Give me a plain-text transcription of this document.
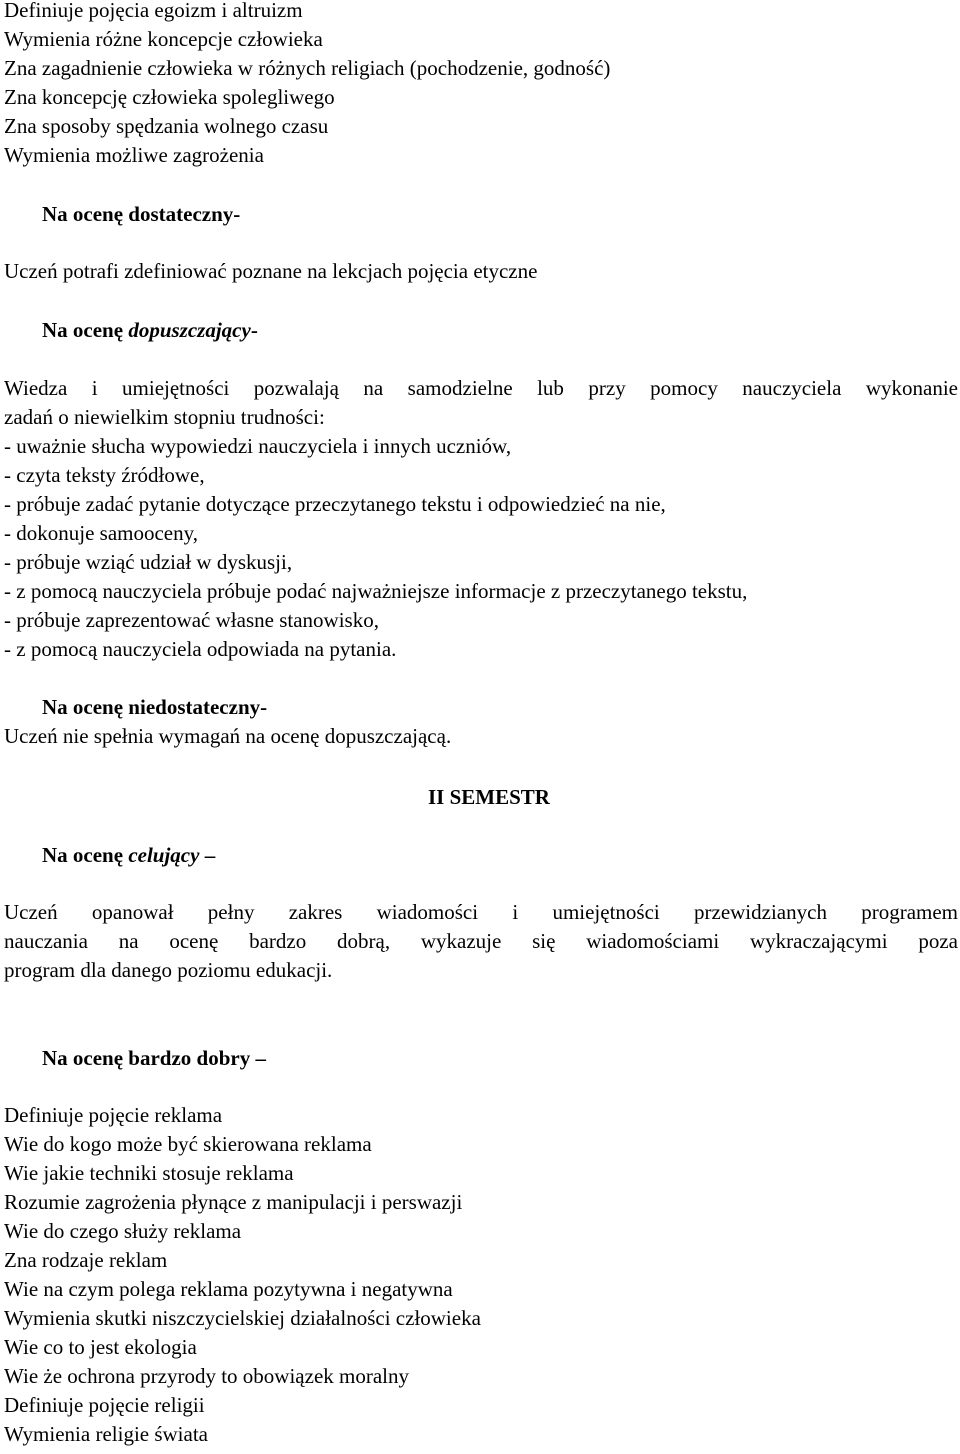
Definiuje pojęcia egoizm i altruizm
Wymienia różne koncepcje człowieka
Zna zagadnienie człowieka w różnych religiach (pochodzenie, godność)
Zna koncepcję człowieka spolegliwego
Zna sposoby spędzania wolnego czasu
Wymienia możliwe zagrożenia
Na ocenę dostateczny-
Uczeń potrafi zdefiniować poznane na lekcjach pojęcia etyczne
Na ocenę dopuszczający-
Wiedza i umiejętności pozwalają na samodzielne lub przy pomocy nauczyciela wykonanie
zadań o niewielkim stopniu trudności:
- uważnie słucha wypowiedzi nauczyciela i innych uczniów,
- czyta teksty źródłowe,
- próbuje zadać pytanie dotyczące przeczytanego tekstu i odpowiedzieć na nie,
- dokonuje samooceny,
- próbuje wziąć udział w dyskusji,
- z pomocą nauczyciela próbuje podać najważniejsze informacje z przeczytanego tekstu,
- próbuje zaprezentować własne stanowisko,
- z pomocą nauczyciela odpowiada na pytania.
Na ocenę niedostateczny-
Uczeń nie spełnia wymagań na ocenę dopuszczającą.
II SEMESTR
Na ocenę celujący –
Uczeń opanował pełny zakres wiadomości i umiejętności przewidzianych programem
nauczania na ocenę bardzo dobrą, wykazuje się wiadomościami wykraczającymi poza
program dla danego poziomu edukacji.
Na ocenę bardzo dobry –
Definiuje pojęcie reklama
Wie do kogo może być skierowana reklama
Wie jakie techniki stosuje reklama
Rozumie zagrożenia płynące z manipulacji i perswazji
Wie do czego służy reklama
Zna rodzaje reklam
Wie na czym polega reklama pozytywna i negatywna
Wymienia skutki niszczycielskiej działalności człowieka
Wie co to jest ekologia
Wie że ochrona przyrody to obowiązek moralny
Definiuje pojęcie religii
Wymienia religie świata
